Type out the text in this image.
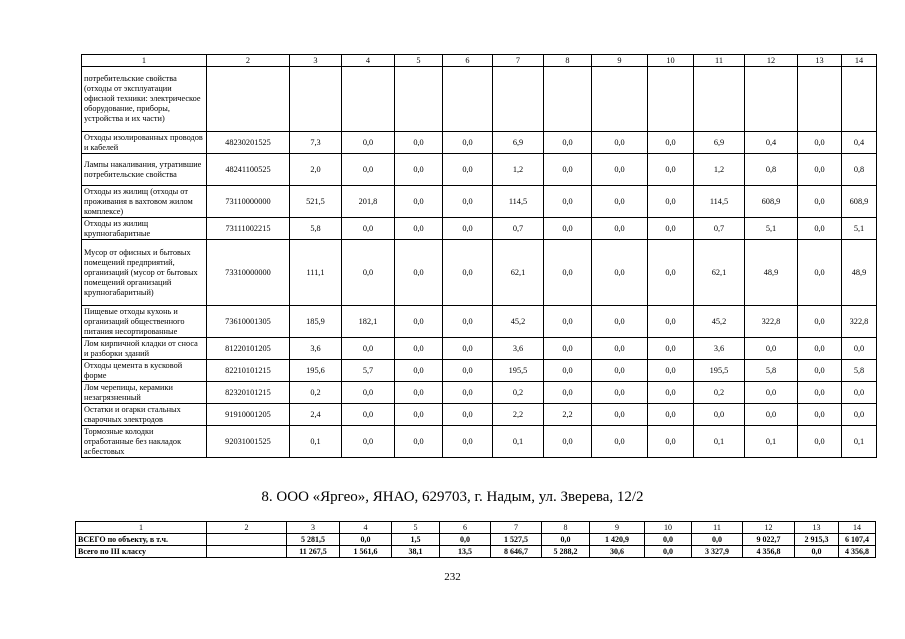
1	2	3	4	5	6	7	8	9	10	11	12	13	14
потребительские свойства (отходы от эксплуатации офисной техники: электрическое оборудование, приборы, устройства и их части)													
Отходы изолированных проводов и кабелей	48230201525	7,3	0,0	0,0	0,0	6,9	0,0	0,0	0,0	6,9	0,4	0,0	0,4
Лампы накаливания, утратившие потребительские свойства	48241100525	2,0	0,0	0,0	0,0	1,2	0,0	0,0	0,0	1,2	0,8	0,0	0,8
Отходы из жилищ (отходы от проживания в вахтовом жилом комплексе)	73110000000	521,5	201,8	0,0	0,0	114,5	0,0	0,0	0,0	114,5	608,9	0,0	608,9
Отходы из жилищ крупногабаритные	73111002215	5,8	0,0	0,0	0,0	0,7	0,0	0,0	0,0	0,7	5,1	0,0	5,1
Мусор от офисных и бытовых помещений предприятий, организаций (мусор от бытовых помещений организаций крупногабаритный)	73310000000	111,1	0,0	0,0	0,0	62,1	0,0	0,0	0,0	62,1	48,9	0,0	48,9
Пищевые отходы кухонь и организаций общественного питания несортированные	73610001305	185,9	182,1	0,0	0,0	45,2	0,0	0,0	0,0	45,2	322,8	0,0	322,8
Лом кирпичной кладки от сноса и разборки зданий	81220101205	3,6	0,0	0,0	0,0	3,6	0,0	0,0	0,0	3,6	0,0	0,0	0,0
Отходы цемента в кусковой форме	82210101215	195,6	5,7	0,0	0,0	195,5	0,0	0,0	0,0	195,5	5,8	0,0	5,8
Лом черепицы, керамики незагрязненный	82320101215	0,2	0,0	0,0	0,0	0,2	0,0	0,0	0,0	0,2	0,0	0,0	0,0
Остатки и огарки стальных сварочных электродов	91910001205	2,4	0,0	0,0	0,0	2,2	2,2	0,0	0,0	0,0	0,0	0,0	0,0
Тормозные колодки отработанные без накладок асбестовых	92031001525	0,1	0,0	0,0	0,0	0,1	0,0	0,0	0,0	0,1	0,1	0,0	0,1
8. ООО «Яргео», ЯНАО, 629703, г. Надым, ул. Зверева, 12/2
1	2	3	4	5	6	7	8	9	10	11	12	13	14
ВСЕГО по объекту, в т.ч.		5 281,5	0,0	1,5	0,0	1 527,5	0,0	1 420,9	0,0	0,0	9 022,7	2 915,3	6 107,4
Всего по III классу		11 267,5	1 561,6	38,1	13,5	8 646,7	5 288,2	30,6	0,0	3 327,9	4 356,8	0,0	4 356,8
232
